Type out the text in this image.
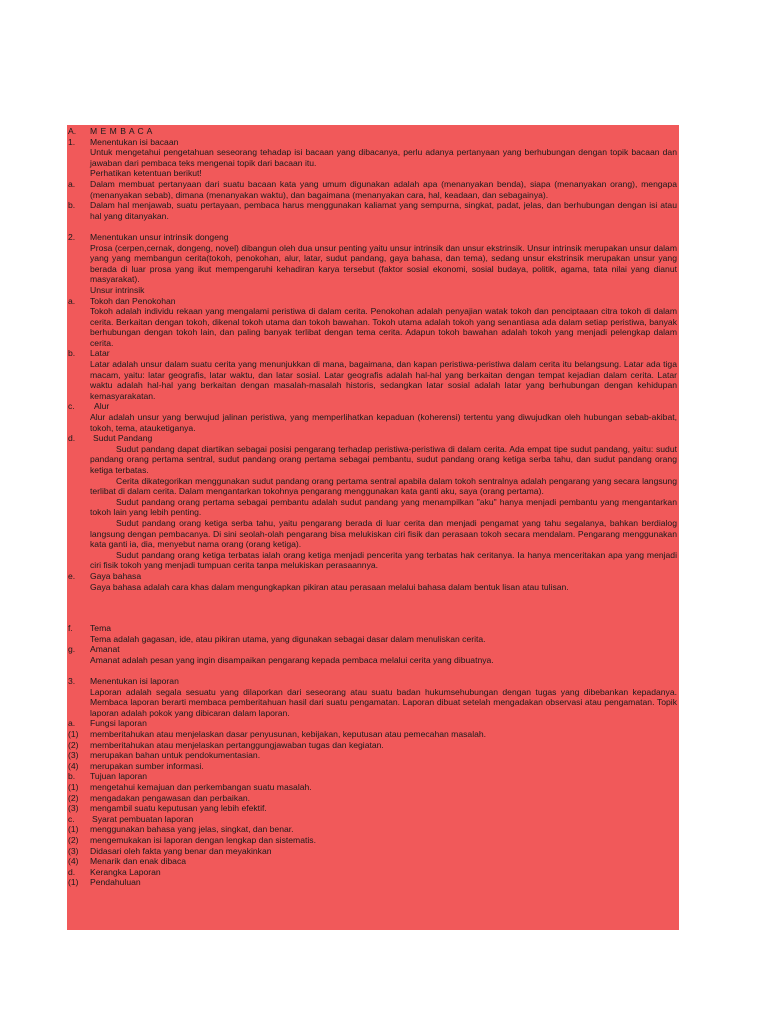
A.	M E M B A C A
1.	Menentukan isi bacaan
Untuk mengetahui pengetahuan seseorang tehadap isi bacaan yang dibacanya, perlu adanya pertanyaan yang berhubungan dengan topik bacaan dan jawaban dari pembaca teks mengenai topik dari bacaan itu.
Perhatikan ketentuan berikut!
a.	Dalam membuat pertanyaan dari suatu bacaan kata yang umum digunakan adalah apa (menanyakan benda), siapa (menanyakan orang), mengapa (menanyakan sebab), dimana (menanyakan waktu), dan bagaimana (menanyakan cara, hal, keadaan, dan sebagainya).
b.	Dalam hal menjawab, suatu pertayaan, pembaca harus menggunakan kaliamat yang sempurna, singkat, padat, jelas, dan berhubungan dengan isi atau hal yang ditanyakan.
2.	Menentukan unsur intrinsik dongeng
Prosa (cerpen,cernak, dongeng, novel) dibangun oleh dua unsur penting yaitu unsur intrinsik dan unsur ekstrinsik. Unsur intrinsik merupakan unsur dalam yang yang membangun cerita(tokoh, penokohan, alur, latar, sudut pandang, gaya bahasa, dan tema), sedang unsur ekstrinsik merupakan unsur yang berada di luar prosa yang ikut mempengaruhi kehadiran karya tersebut (faktor sosial ekonomi, sosial budaya, politik, agama, tata nilai yang dianut masyarakat).
Unsur intrinsik
a.	Tokoh dan Penokohan
Tokoh adalah individu rekaan yang mengalami peristiwa di dalam cerita. Penokohan adalah penyajian watak tokoh dan penciptaaan citra tokoh di dalam cerita. Berkaitan dengan tokoh, dikenal tokoh utama dan tokoh bawahan. Tokoh utama adalah tokoh yang senantiasa ada dalam setiap peristiwa, banyak berhubungan dengan tokoh lain, dan paling banyak terlibat dengan tema cerita. Adapun tokoh bawahan adalah tokoh yang menjadi pelengkap dalam cerita.
b.	Latar
Latar adalah unsur dalam suatu cerita yang menunjukkan di mana, bagaimana, dan kapan peristiwa-peristiwa dalam cerita itu belangsung. Latar ada tiga macam, yaitu: latar geografis, latar waktu, dan latar sosial. Latar geografis adalah hal-hal yang berkaitan dengan tempat kejadian dalam cerita. Latar waktu adalah hal-hal yang berkaitan dengan masalah-masalah historis, sedangkan latar sosial adalah latar yang berhubungan dengan kehidupan kemasyarakatan.
c.	Alur
Alur adalah unsur yang berwujud jalinan peristiwa, yang memperlihatkan kepaduan (koherensi) tertentu yang diwujudkan oleh hubungan sebab-akibat, tokoh, tema, atauketiganya.
d.	Sudut Pandang
Sudut pandang dapat diartikan sebagai posisi pengarang terhadap peristiwa-peristiwa di dalam cerita. Ada empat tipe sudut pandang, yaitu: sudut pandang orang pertama sentral, sudut pandang orang pertama sebagai pembantu, sudut pandang orang ketiga serba tahu, dan sudut pandang orang ketiga terbatas.
Cerita dikategorikan menggunakan sudut pandang orang pertama sentral apabila dalam tokoh sentralnya adalah pengarang yang secara langsung terlibat di dalam cerita. Dalam mengantarkan tokohnya pengarang menggunakan kata ganti aku, saya (orang pertama).
Sudut pandang orang pertama sebagai pembantu adalah sudut pandang yang menampilkan "aku" hanya menjadi pembantu yang mengantarkan tokoh lain yang lebih penting.
Sudut pandang orang ketiga serba tahu, yaitu pengarang berada di luar cerita dan menjadi pengamat yang tahu segalanya, bahkan berdialog langsung dengan pembacanya. Di sini seolah-olah pengarang bisa melukiskan ciri fisik dan perasaan tokoh secara mendalam. Pengarang menggunakan kata ganti ia, dia, menyebut nama orang (orang ketiga).
Sudut pandang orang ketiga terbatas ialah orang ketiga menjadi pencerita yang terbatas hak ceritanya. Ia hanya menceritakan apa yang menjadi ciri fisik tokoh yang menjadi tumpuan cerita tanpa melukiskan perasaannya.
e.	Gaya bahasa
Gaya bahasa adalah cara khas dalam mengungkapkan pikiran atau perasaan melalui bahasa dalam bentuk lisan atau tulisan.
f.	Tema
Tema adalah gagasan, ide, atau pikiran utama, yang digunakan sebagai dasar dalam menuliskan cerita.
g.	Amanat
Amanat adalah pesan yang ingin disampaikan pengarang kepada pembaca melalui cerita yang dibuatnya.
3.	Menentukan isi laporan
Laporan adalah segala sesuatu yang dilaporkan dari seseorang atau suatu badan hukumsehubungan dengan tugas yang dibebankan kepadanya. Membaca laporan berarti membaca pemberitahuan hasil dari suatu pengamatan. Laporan dibuat setelah mengadakan observasi atau pengamatan. Topik laporan adalah pokok yang dibicaran dalam laporan.
a.	Fungsi laporan
(1)	memberitahukan atau menjelaskan dasar penyusunan, kebijakan, keputusan atau pemecahan masalah.
(2)	memberitahukan atau menjelaskan pertanggungjawaban tugas dan kegiatan.
(3)	merupakan bahan untuk pendokumentasian.
(4)	merupakan sumber informasi.
b.	Tujuan laporan
(1)	mengetahui kemajuan dan perkembangan suatu masalah.
(2)	mengadakan pengawasan dan perbaikan.
(3)	mengambil suatu keputusan yang lebih efektif.
c.	Syarat pembuatan laporan
(1)	menggunakan bahasa yang jelas, singkat, dan benar.
(2)	mengemukakan isi laporan dengan lengkap dan sistematis.
(3)	Didasari oleh fakta yang benar dan meyakinkan
(4)	Menarik dan enak dibaca
d.	Kerangka Laporan
(1)	Pendahuluan
